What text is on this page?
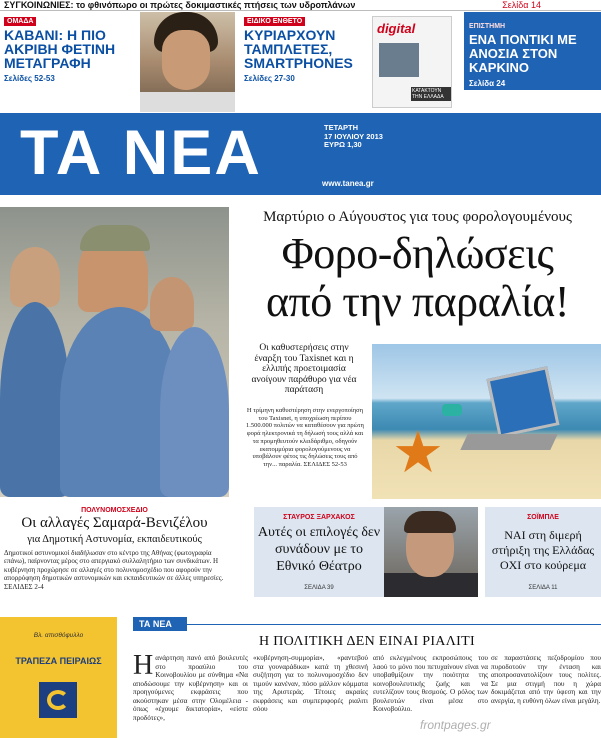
Σελίδα 14
ΣΥΓΚΟΙΝΩΝΙΕΣ: το φθινόπωρο οι πρώτες δοκιμαστικές πτήσεις των υδροπλάνων
ΟΜΑΔΑ
ΚΑΒΑΝΙ: Η ΠΙΟ ΑΚΡΙΒΗ ΦΕΤΙΝΗ ΜΕΤΑΓΡΑΦΗ
Σελίδες 52-53
ΕΙΔΙΚΟ ΕΝΘΕΤΟ
ΚΥΡΙΑΡΧΟΥΝ ΤΑΜΠΛΕΤΕΣ, SMARTPHONES
Σελίδες 27-30
digital
ΚΑΤΑΚΤΟΥΝ ΤΗΝ ΕΛΛΑΔΑ
ΕΠΙΣΤΗΜΗ
ΕΝΑ ΠΟΝΤΙΚΙ ΜΕ ΑΝΟΣΙΑ ΣΤΟΝ ΚΑΡΚΙΝΟ
Σελίδα 24
ΤΑ ΝΕΑ	ΤΕΤΑΡΤΗ
17 ΙΟΥΛΙΟΥ 2013
ΕΥΡΩ 1,30
www.tanea.gr
ΠΟΛΥΝΟΜΟΣΧΕΔΙΟ
Οι αλλαγές Σαμαρά-Βενιζέλου
για Δημοτική Αστυνομία, εκπαιδευτικούς
Δημοτικοί αστυνομικοί διαδήλωσαν στο κέντρο της Αθήνας (φωτογραφία επάνω), παίρνοντας μέρος στο απεργιακό συλλαλητήριο των συνδικάτων. Η κυβέρνηση προχώρησε σε αλλαγές στο πολυνομοσχέδιο που αφορούν την απορρόφηση δημοτικών αστυνομικών και εκπαιδευτικών σε άλλες υπηρεσίες. ΣΕΛΙΔΕΣ 2-4
Μαρτύριο ο Αύγουστος για τους φορολογουμένους
Φορο-δηλώσεις
από την παραλία!
Οι καθυστερήσεις στην έναρξη του Taxisnet και η ελλιπής προετοιμασία ανοίγουν παράθυρο για νέα παράταση
Η τρίμηνη καθυστέρηση στην ενεργοποίηση του Taxisnet, η υποχρέωση περίπου 1.500.000 πολιτών να καταθέσουν για πρώτη φορά ηλεκτρονικά τη δήλωσή τους αλλά και τα προμηθευτούν κλειδάριθμο, οδηγούν εκατομμύρια φορολογούμενους να υποβάλουν φέτος τις δηλώσεις τους από την... παραλία. ΣΕΛΙΔΕΣ 52-53 ★
ΣΤΑΥΡΟΣ ΞΑΡΧΑΚΟΣ
Αυτές οι επιλογές δεν συνάδουν με το Εθνικό Θέατρο
ΣΕΛΙΔΑ 39
ΣΟΪΜΠΛΕ
ΝΑΙ στη διμερή στήριξη της Ελλάδας ΟΧΙ στο κούρεμα
ΣΕΛΙΔΑ 11
Βλ. απισθόφυλλο
ΤΡΑΠΕΖΑ ΠΕΙΡΑΙΩΣ
ΤΑ ΝΕΑ
Η ΠΟΛΙΤΙΚΗ ΔΕΝ ΕΙΝΑΙ ΡΙΑΛΙΤΙ
Ηανάρτηση πανό από βουλευτές στο προαύλιο του Κοινοβουλίου με σύνθημα «Να αποδώσουμε την κυβέρνηση» και οι προηγούμενες εκφράσεις που ακούστηκαν μέσα στην Ολομέλεια - όπως «έχουμε δικτατορία», «είστε προδότες»,
«κυβέρνηση-συμμορία», «ραντεβού στα γουναράδικα» κατά τη χθεσινή συζήτηση για το πολυνομοσχέδιο δεν τιμούν κανέναν, πόσο μάλλον κόμματα της Αριστεράς. Τέτοιες ακραίες εκφράσεις και συμπεριφορές ριαλιτι σόου
από εκλεγμένους εκπροσώπους του λαού το μόνο που πετυχαίνουν είναι να υποβαθμίζουν την ποιότητα της κοινοβουλευτικής ζωής και να ευτελίζουν τους θεσμούς. Ο ρόλος των βουλευτών είναι μέσα στο Κοινοβούλιο.
σε παραστάσεις πεζοδρομίου που πυροδοτούν την ένταση και αποπροσανατολίζουν τους πολίτες. Σε μια στιγμή που η χώρα δοκιμάζεται από την ύφεση και την ανεργία, η ευθύνη όλων είναι μεγάλη.
frontpages.gr
